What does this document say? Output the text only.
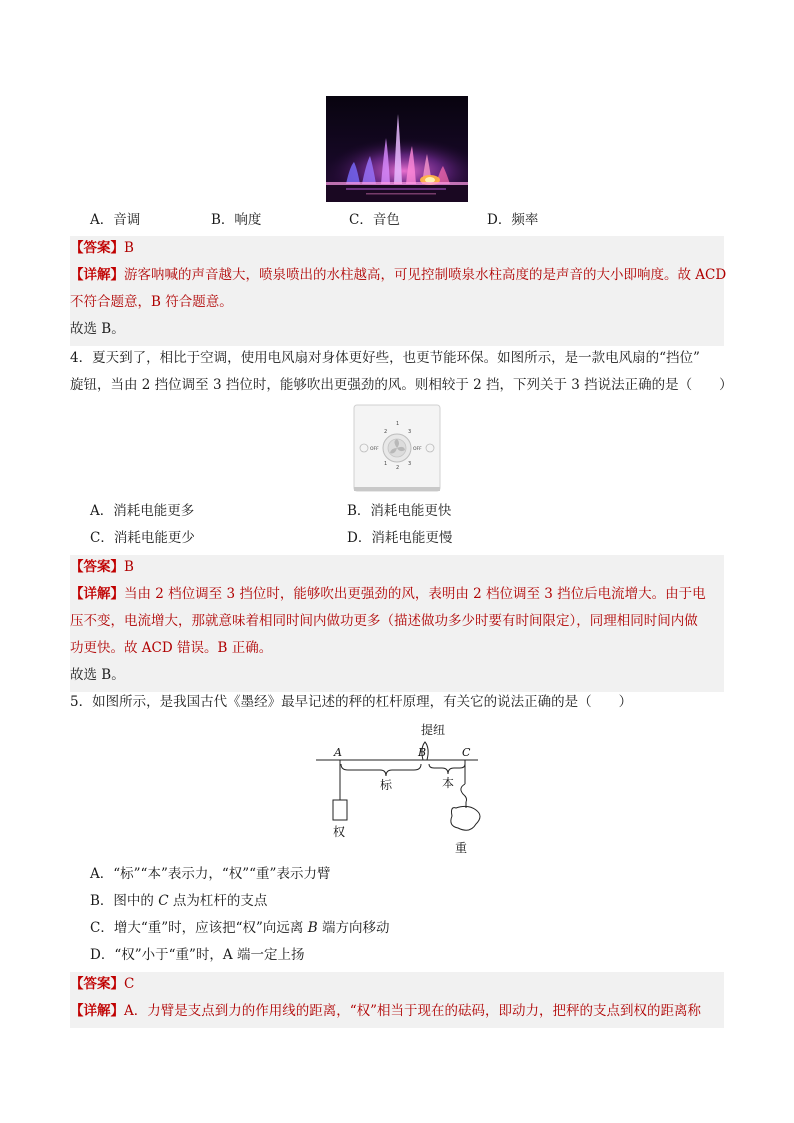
A．音调	B．响度	C．音色	D．频率
【答案】B
【详解】游客呐喊的声音越大，喷泉喷出的水柱越高，可见控制喷泉水柱高度的是声音的大小即响度。故 ACD
不符合题意，B 符合题意。
故选 B。
4．夏天到了，相比于空调，使用电风扇对身体更好些，也更节能环保。如图所示，是一款电风扇的“挡位”
旋钮，当由 2 挡位调至 3 挡位时，能够吹出更强劲的风。则相较于 2 挡，下列关于 3 挡说法正确的是（　　）
1
2	3
OFF	OFF
1
2
3
A．消耗电能更多	B．消耗电能更快
C．消耗电能更少	D．消耗电能更慢
【答案】B
【详解】当由 2 档位调至 3 挡位时，能够吹出更强劲的风，表明由 2 档位调至 3 挡位后电流增大。由于电
压不变，电流增大，那就意味着相同时间内做功更多（描述做功多少时要有时间限定），同理相同时间内做
功更快。故 ACD 错误。B 正确。
故选 B。
5．如图所示，是我国古代《墨经》最早记述的秤的杠杆原理，有关它的说法正确的是（　　）
提纽
A	B	C
标	本
权
重
A．“标”“本”表示力，“权”“重”表示力臂
B．图中的 C 点为杠杆的支点
C．增大“重”时，应该把“权”向远离 B 端方向移动
D．“权”小于“重”时，A 端一定上扬
【答案】C
【详解】A．力臂是支点到力的作用线的距离，“权”相当于现在的砝码，即动力，把秤的支点到权的距离称
